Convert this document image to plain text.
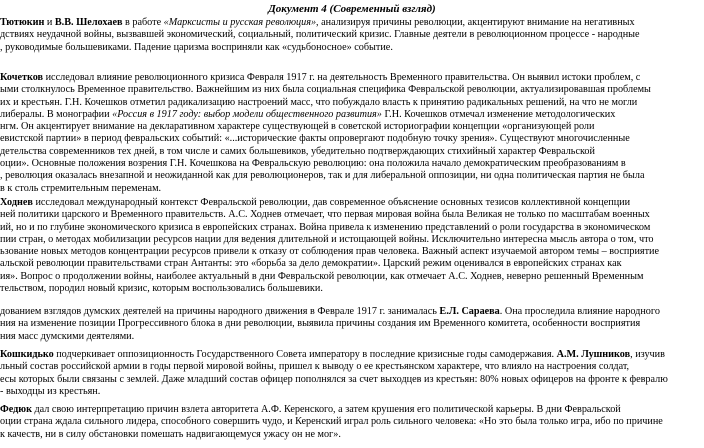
Документ 4 (Современный взгляд)
Тютюкин и В.В. Шелохаев в работе «Марксисты и русская революция», анализируя причины революции, акцентируют внимание на негативных
дствиях неудачной войны, вызвавшей экономический, социальный, политический кризис. Главные деятели в революционном процессе - народные
, руководимые большевиками. Падение царизма восприняли как «судьбоносное» событие.
Кочетков исследовал влияние революционного кризиса Февраля 1917 г. на деятельность Временного правительства. Он выявил истоки проблем, с
ыми столкнулось Временное правительство. Важнейшим из них была социальная специфика Февральской революции, актуализировавшая проблемы
их и крестьян. Г.Н. Кочешков отметил радикализацию настроений масс, что побуждало власть к принятию радикальных решений, на что не могли
либералы. В монографии «Россия в 1917 году: выбор модели общественного развития» Г.Н. Кочешков отмечал изменение методологических
нгм. Он акцентирует внимание на декларативном характере существующей в советской историографии концепции «организующей роли
евистской партии» в период февральских событий: «...исторические факты опровергают подобную точку зрения». Существуют многочисленные
детельства современников тех дней, в том числе и самих большевиков, убедительно подтверждающих стихийный характер Февральской
оции». Основные положения возрения Г.Н. Кочешкова на Февральскую революцию: она положила начало демократическим преобразованиям в
, революция оказалась внезапной и неожиданной как для революционеров, так и для либеральной оппозиции, ни одна политическая партия не была
в к столь стремительным переменам.
Ходнев исследовал международный контекст Февральской революции, дав современное объяснение основных тезисов коллективной концепции
ней политики царского и Временного правительств. А.С. Ходнев отмечает, что первая мировая война была Великая не только по масштабам военных
ий, но и по глубине экономического кризиса в европейских странах. Война привела к изменению представлений о роли государства в экономическом
пии стран, о методах мобилизации ресурсов нации для ведения длительной и истощающей войны. Исключительно интересна мысль автора о том, что
ьзование новых методов концентрации ресурсов привели к отказу от соблюдения прав человека. Важный аспект изучаемой автором темы – восприятие
альской революции правительствами стран Антанты: это «борьба за дело демократии». Царский режим оценивался в европейских странах как
ия». Вопрос о продолжении войны, наиболее актуальный в дни Февральской революции, как отмечает А.С. Ходнев, неверно решенный Временным
тельством, породил новый кризис, которым воспользовались большевики.
дованием взглядов думских деятелей на причины народного движения в Феврале 1917 г. занималась Е.Л. Сараева. Она проследила влияние народного
ния на изменение позиции Прогрессивного блока в дни революции, выявила причины создания им Временного комитета, особенности восприятия
ния масс думскими деятелями.
Кошкидько подчеркивает оппозиционность Государственного Совета императору в последние кризисные годы самодержавия. А.М. Лушников, изучив
льный состав российской армии в годы первой мировой войны, пришел к выводу о ее крестьянском характере, что влияло на настроения солдат,
есы которых были связаны с землей. Даже младший состав офицер пополнялся за счет выходцев из крестьян: 80% новых офицеров на фронте к февралю
- выходцы из крестьян.
Федюк дал свою интерпретацию причин взлета авторитета А.Ф. Керенского, а затем крушения его политической карьеры. В дни Февральской
оции страна ждала сильного лидера, способного совершить чудо, и Керенский играл роль сильного человека: «Но это была только игра, ибо по причине
к качеств, ни в силу обстановки помешать надвигающемуся ужасу он не мог».
